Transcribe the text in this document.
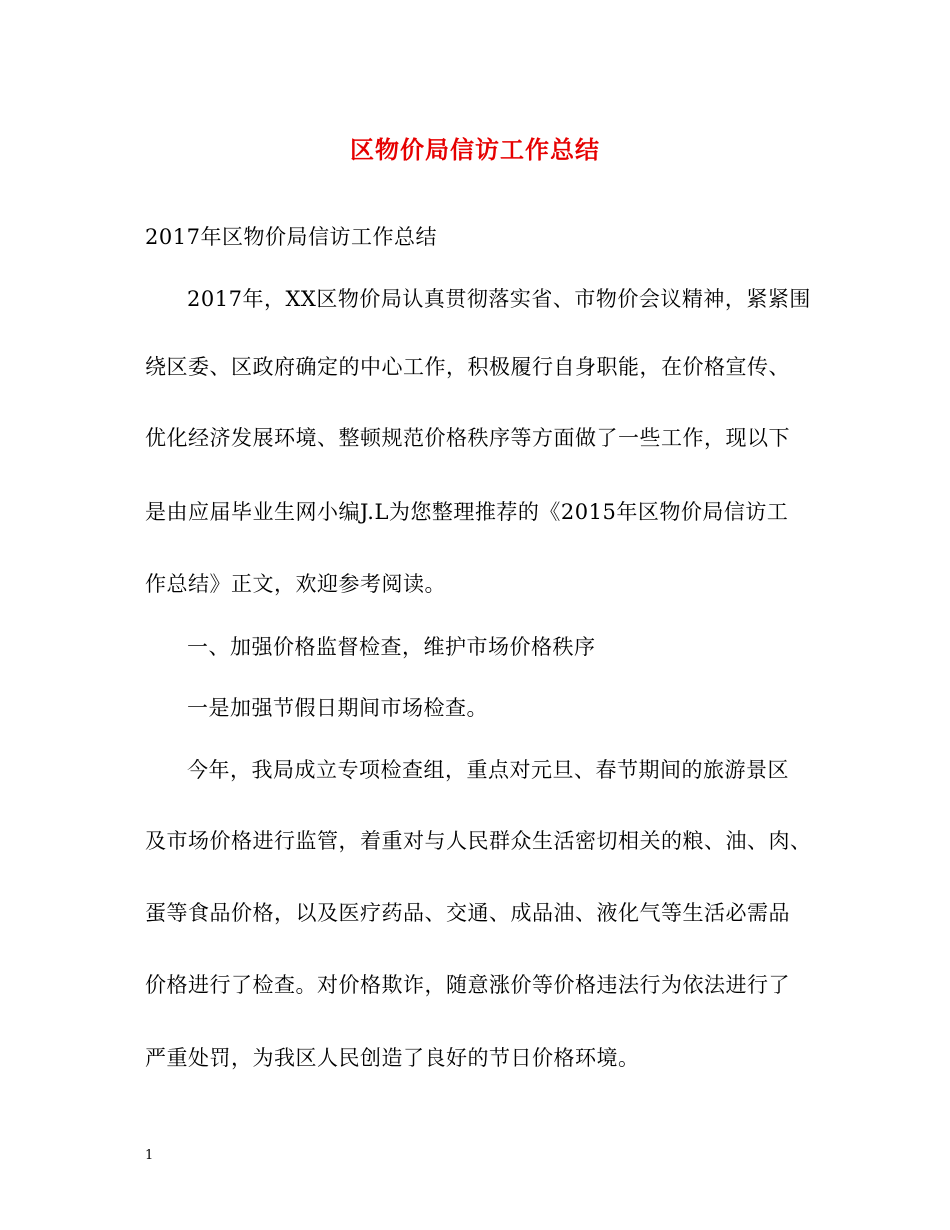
区物价局信访工作总结
2017年区物价局信访工作总结
2017年，XX区物价局认真贯彻落实省、市物价会议精神，紧紧围
绕区委、区政府确定的中心工作，积极履行自身职能，在价格宣传、
优化经济发展环境、整顿规范价格秩序等方面做了一些工作，现以下
是由应届毕业生网小编J.L为您整理推荐的《2015年区物价局信访工
作总结》正文，欢迎参考阅读。
一、加强价格监督检查，维护市场价格秩序
一是加强节假日期间市场检查。
今年，我局成立专项检查组，重点对元旦、春节期间的旅游景区
及市场价格进行监管，着重对与人民群众生活密切相关的粮、油、肉、
蛋等食品价格，以及医疗药品、交通、成品油、液化气等生活必需品
价格进行了检查。对价格欺诈，随意涨价等价格违法行为依法进行了
严重处罚，为我区人民创造了良好的节日价格环境。
1
